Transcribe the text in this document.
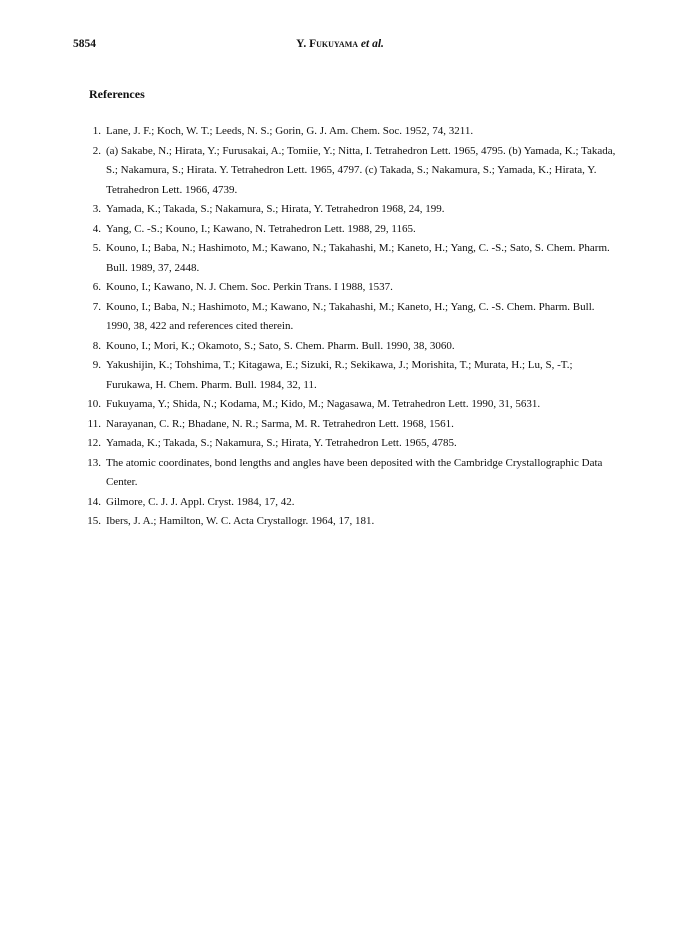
5854	Y. Fukuyama et al.
References
1. Lane, J. F.; Koch, W. T.; Leeds, N. S.; Gorin, G. J. Am. Chem. Soc. 1952, 74, 3211.
2. (a) Sakabe, N.; Hirata, Y.; Furusakai, A.; Tomiie, Y.; Nitta, I. Tetrahedron Lett. 1965, 4795. (b) Yamada, K.; Takada, S.; Nakamura, S.; Hirata. Y. Tetrahedron Lett. 1965, 4797. (c) Takada, S.; Nakamura, S.; Yamada, K.; Hirata, Y. Tetrahedron Lett. 1966, 4739.
3. Yamada, K.; Takada, S.; Nakamura, S.; Hirata, Y. Tetrahedron 1968, 24, 199.
4. Yang, C. -S.; Kouno, I.; Kawano, N. Tetrahedron Lett. 1988, 29, 1165.
5. Kouno, I.; Baba, N.; Hashimoto, M.; Kawano, N.; Takahashi, M.; Kaneto, H.; Yang, C. -S.; Sato, S. Chem. Pharm. Bull. 1989, 37, 2448.
6. Kouno, I.; Kawano, N. J. Chem. Soc. Perkin Trans. I 1988, 1537.
7. Kouno, I.; Baba, N.; Hashimoto, M.; Kawano, N.; Takahashi, M.; Kaneto, H.; Yang, C. -S. Chem. Pharm. Bull. 1990, 38, 422 and references cited therein.
8. Kouno, I.; Mori, K.; Okamoto, S.; Sato, S. Chem. Pharm. Bull. 1990, 38, 3060.
9. Yakushijin, K.; Tohshima, T.; Kitagawa, E.; Sizuki, R.; Sekikawa, J.; Morishita, T.; Murata, H.; Lu, S, -T.; Furukawa, H. Chem. Pharm. Bull. 1984, 32, 11.
10. Fukuyama, Y.; Shida, N.; Kodama, M.; Kido, M.; Nagasawa, M. Tetrahedron Lett. 1990, 31, 5631.
11. Narayanan, C. R.; Bhadane, N. R.; Sarma, M. R. Tetrahedron Lett. 1968, 1561.
12. Yamada, K.; Takada, S.; Nakamura, S.; Hirata, Y. Tetrahedron Lett. 1965, 4785.
13. The atomic coordinates, bond lengths and angles have been deposited with the Cambridge Crystallographic Data Center.
14. Gilmore, C. J. J. Appl. Cryst. 1984, 17, 42.
15. Ibers, J. A.; Hamilton, W. C. Acta Crystallogr. 1964, 17, 181.
